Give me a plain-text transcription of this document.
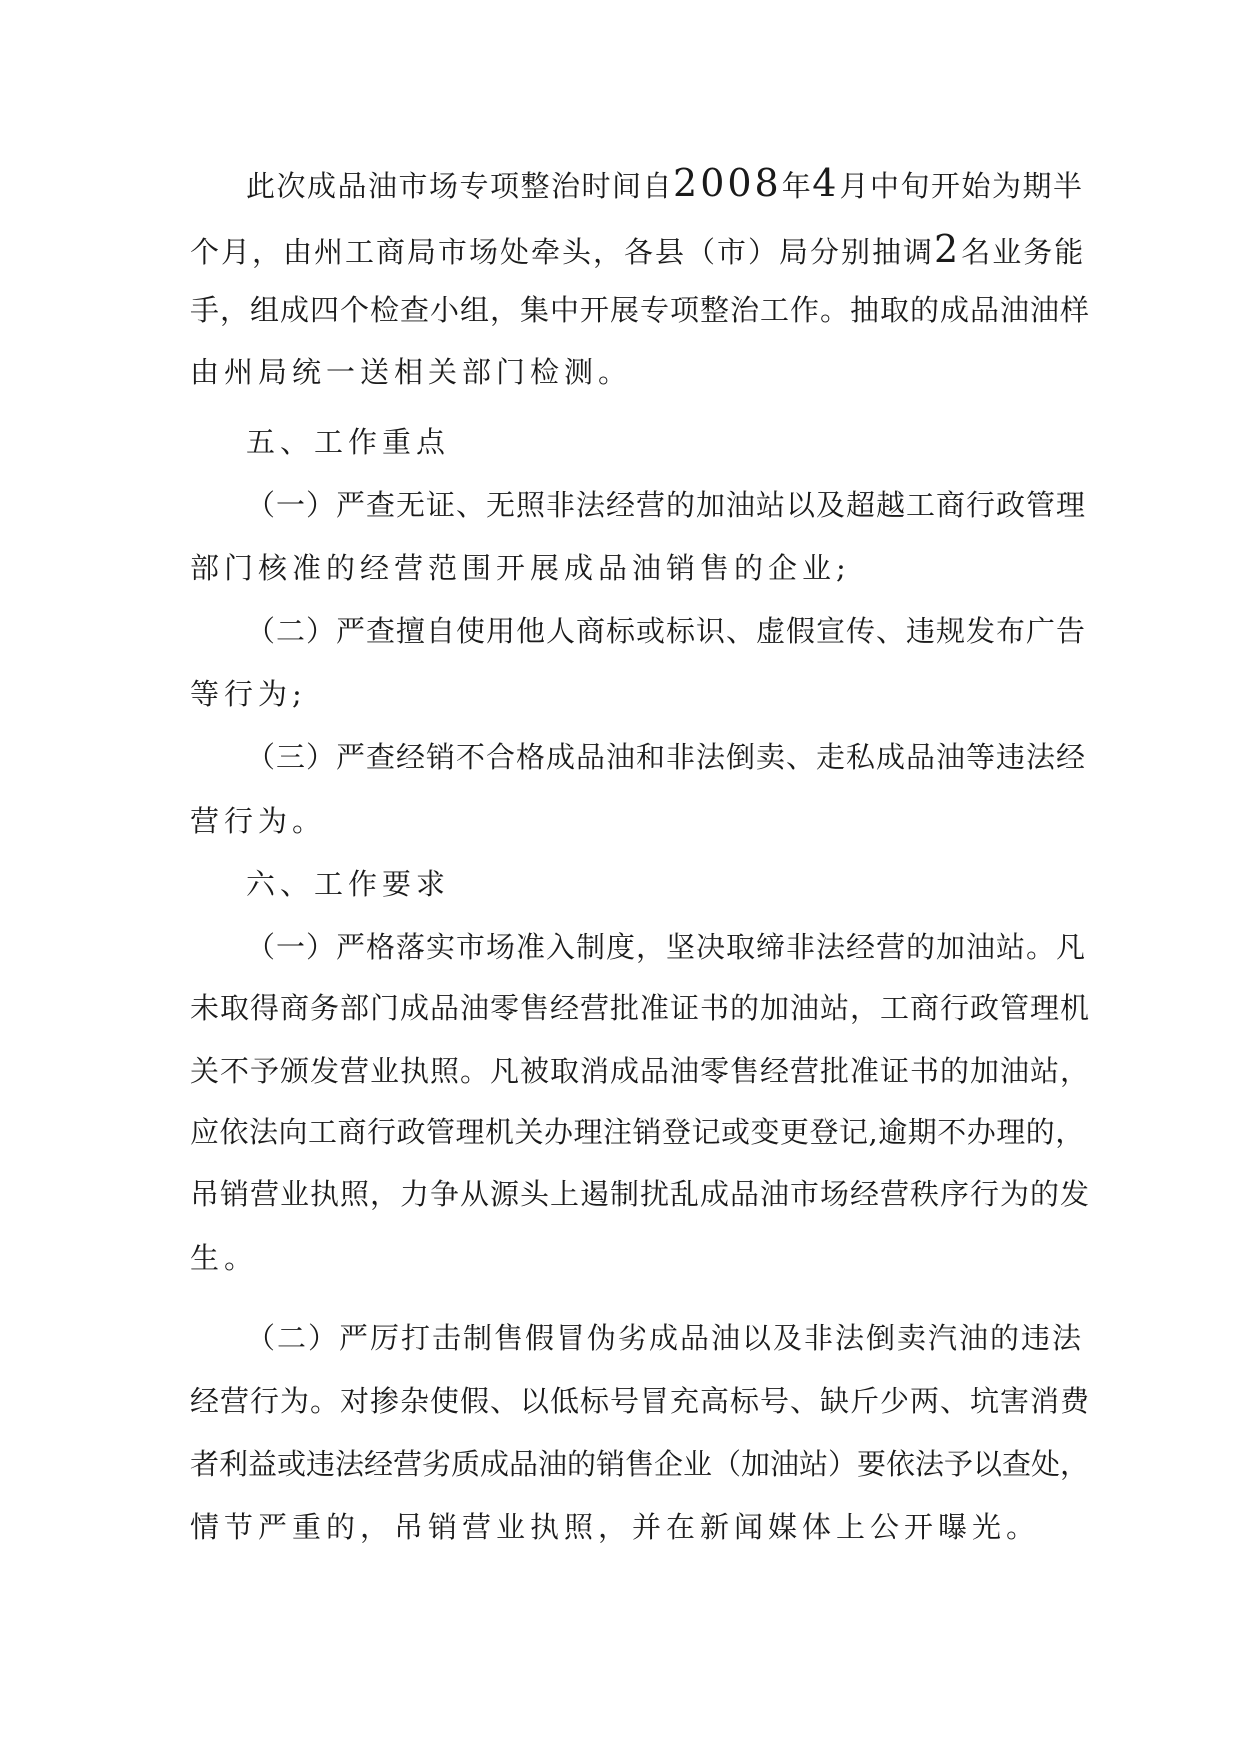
此次成品油市场专项整治时间自2008年4月中旬开始为期半

个月，由州工商局市场处牵头，各县（市）局分别抽调2名业务能

手，组成四个检查小组，集中开展专项整治工作。抽取的成品油油样

由州局统一送相关部门检测。

五、工作重点

（一）严查无证、无照非法经营的加油站以及超越工商行政管理

部门核准的经营范围开展成品油销售的企业;

（二）严查擅自使用他人商标或标识、虚假宣传、违规发布广告

等行为;

（三）严查经销不合格成品油和非法倒卖、走私成品油等违法经

营行为。

六、工作要求

（一）严格落实市场准入制度，坚决取缔非法经营的加油站。凡

未取得商务部门成品油零售经营批准证书的加油站，工商行政管理机

关不予颁发营业执照。凡被取消成品油零售经营批准证书的加油站，

应依法向工商行政管理机关办理注销登记或变更登记,逾期不办理的，

吊销营业执照，力争从源头上遏制扰乱成品油市场经营秩序行为的发

生。

（二）严厉打击制售假冒伪劣成品油以及非法倒卖汽油的违法

经营行为。对掺杂使假、以低标号冒充高标号、缺斤少两、坑害消费

者利益或违法经营劣质成品油的销售企业（加油站）要依法予以查处，

情节严重的，吊销营业执照，并在新闻媒体上公开曝光。
